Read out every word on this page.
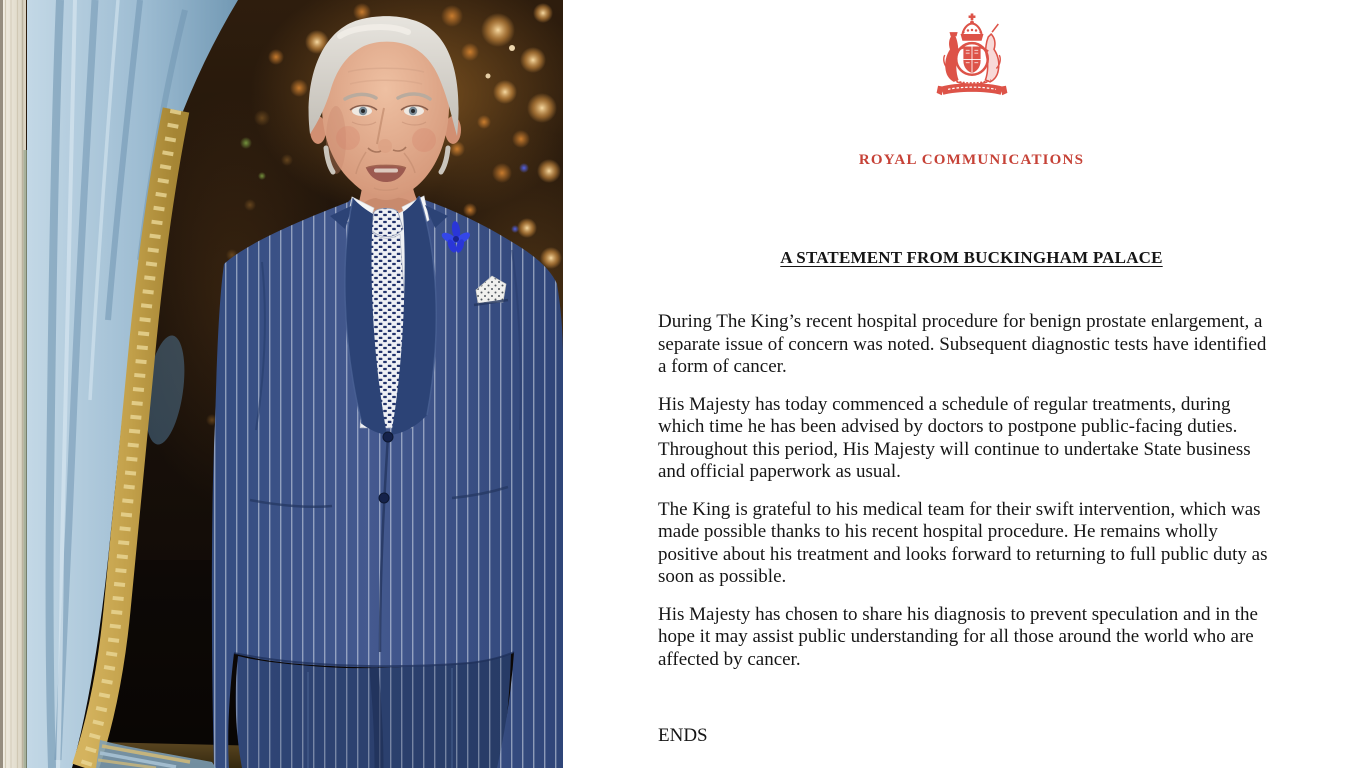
ROYAL COMMUNICATIONS
A STATEMENT FROM BUCKINGHAM PALACE

During The King’s recent hospital procedure for benign prostate enlargement, a
separate issue of concern was noted. Subsequent diagnostic tests have identified
a form of cancer.

His Majesty has today commenced a schedule of regular treatments, during
which time he has been advised by doctors to postpone public-facing duties.
Throughout this period, His Majesty will continue to undertake State business
and official paperwork as usual.

The King is grateful to his medical team for their swift intervention, which was
made possible thanks to his recent hospital procedure. He remains wholly
positive about his treatment and looks forward to returning to full public duty as
soon as possible.

His Majesty has chosen to share his diagnosis to prevent speculation and in the
hope it may assist public understanding for all those around the world who are
affected by cancer.

ENDS
